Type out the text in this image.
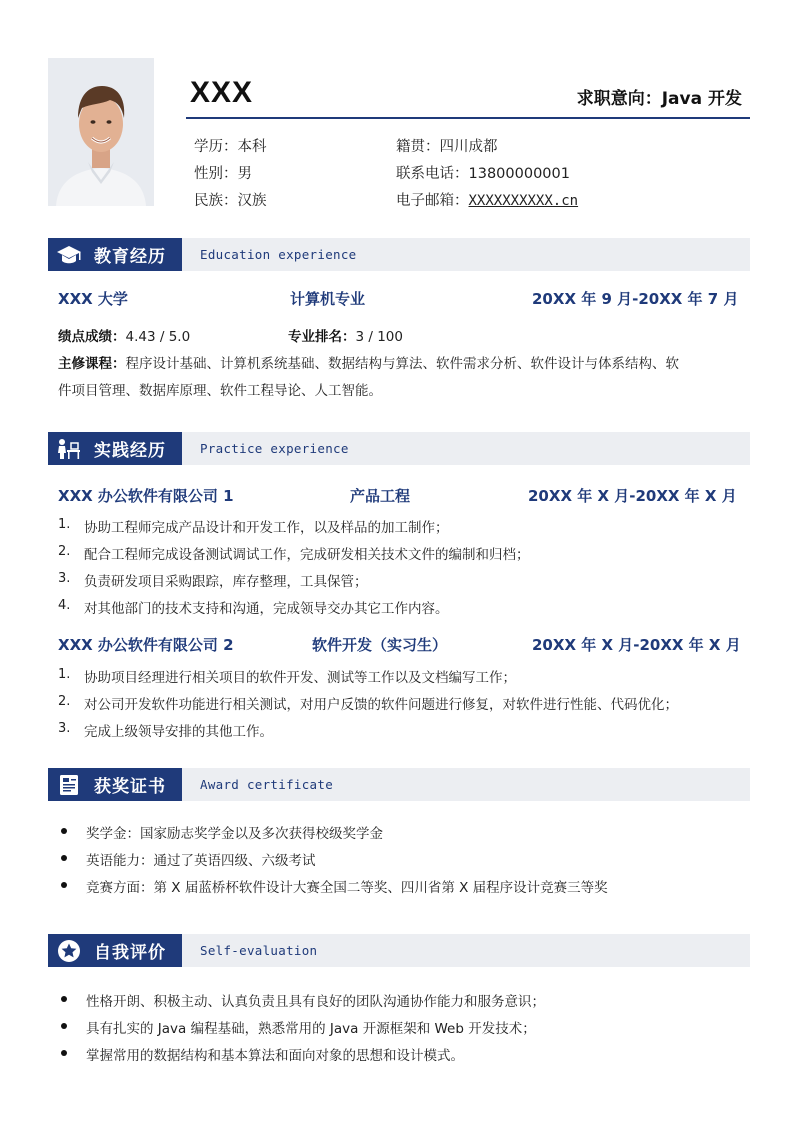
XXX	求职意向：Java 开发
学历：本科	籍贯：四川成都
性别：男	联系电话：13800000001
民族：汉族	电子邮箱：XXXXXXXXXX.cn
教育经历	Education experience
XXX 大学	计算机专业	20XX 年 9 月-20XX 年 7 月
绩点成绩：4.43 / 5.0	专业排名：3 / 100
主修课程：程序设计基础、计算机系统基础、数据结构与算法、软件需求分析、软件设计与体系结构、软
件项目管理、数据库原理、软件工程导论、人工智能。
实践经历	Practice experience
XXX 办公软件有限公司 1	产品工程	20XX 年 X 月-20XX 年 X 月
1. 协助工程师完成产品设计和开发工作，以及样品的加工制作；
2. 配合工程师完成设备测试调试工作，完成研发相关技术文件的编制和归档；
3. 负责研发项目采购跟踪，库存整理，工具保管；
4. 对其他部门的技术支持和沟通，完成领导交办其它工作内容。
XXX 办公软件有限公司 2	软件开发（实习生）	20XX 年 X 月-20XX 年 X 月
1. 协助项目经理进行相关项目的软件开发、测试等工作以及文档编写工作；
2. 对公司开发软件功能进行相关测试，对用户反馈的软件问题进行修复，对软件进行性能、代码优化；
3. 完成上级领导安排的其他工作。
获奖证书	Award certificate
奖学金：国家励志奖学金以及多次获得校级奖学金
英语能力：通过了英语四级、六级考试
竞赛方面：第 X 届蓝桥杯软件设计大赛全国二等奖、四川省第 X 届程序设计竞赛三等奖
自我评价	Self-evaluation
性格开朗、积极主动、认真负责且具有良好的团队沟通协作能力和服务意识；
具有扎实的 Java 编程基础，熟悉常用的 Java 开源框架和 Web 开发技术；
掌握常用的数据结构和基本算法和面向对象的思想和设计模式。
